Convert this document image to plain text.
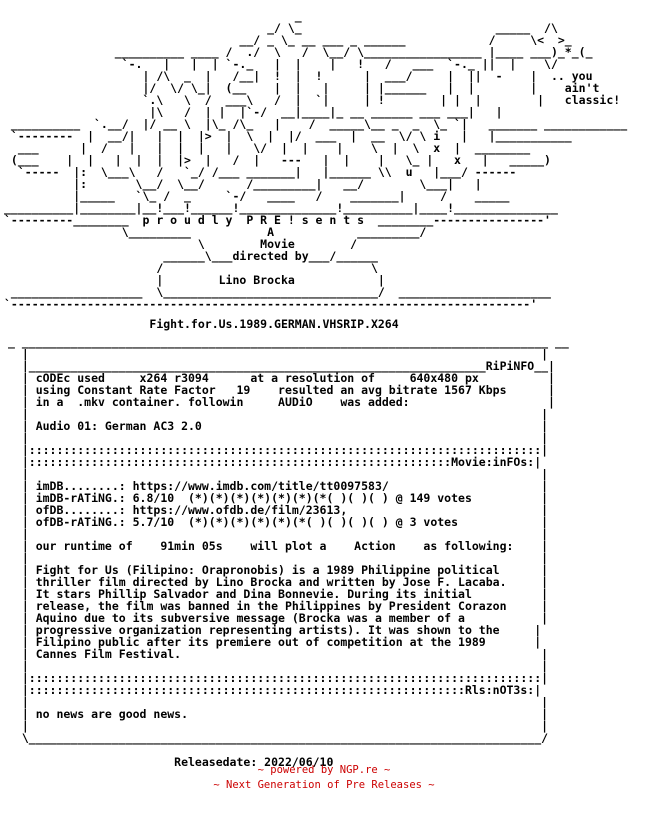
_
_/ \_                            _____  /\
__/ _ \_ __ ___ _ ______            /     \<  >_
__________ ____ /  ./  \   /  \__/ \_________________ |____ ___)_*_(_
`-.   |   |  | `-._   |  |    |   !   /   ___  `-._ ||  |    \/
| /\  _  |   /__|  !  |  !      |  ___/     |  ||  -    |  .. you
|/  \/ \_|  (__    |  |   |     | |______   |  |        |    ain't
`.\   \  /  ___\   /  |  `|     | !        | |  |        |   classic!
|\   /  | |  |`-/  __|____|_ __ ______ ___ ___|   |
__________  `.__/  |/ __ \  |\_ /\_   |    /  _____\__ _  _  \_ `|   _______ ____________
`--------  |  __/|   |  |  |>  |  \  |  |/  ___  |  __  \/ \ i   |   |___________
___      |  /   |   |  |  |   |   \/  |  |    |    \  |  \  x  |  ________
(___    |  |   |  |  |  |>  |   /  |   ---   |  |    |   \_ |   x   |   _____)
`-----  |:  \___\   /   `_/ /___ _______|   |______ \\  u   |___/ ------
|:       \__/  \__/      /_________|   __/        \___|   |
|_____   `\_ /  _     `-/   ____   /    _______|     /    _____
__________|________|__!___!______!______________!__________|____!_______________
`---------________  p r o u d l y  P R E ! s e n t s  ________----------------'
\_________           A            _________/
\        Movie        /
______\___directed by___/______
/                              \
|        Lino Brocka            |
___________________  \_______________________________/  ______________________
`---------------------------------------------------------------------------'
Fight.for.Us.1989.GERMAN.VHSRIP.X264
_ ____________________________________________________________________________ __
|                                                                          |
|__________________________________________________________________RiPiNFO__|
| cODEc used     x264 r3094      at a resolution of     640x480 px          |
| using Constant Rate Factor   19    resulted an avg bitrate 1567 Kbps      |
| in a  .mkv container. followin     AUDiO    was added:                    |
|                                                                          |
| Audio 01: German AC3 2.0                                                 |
|                                                                          |
|::::::::::::::::::::::::::::::::::::::::::::::::::::::::::::::::::::::::::|
|:::::::::::::::::::::::::::::::::::::::::::::::::::::::::::::Movie:inFOs:|
|                                                                          |
| imDB........: https://www.imdb.com/title/tt0097583/                      |
| imDB-rATiNG.: 6.8/10  (*)(*)(*)(*)(*)(*)(*( )( )( ) @ 149 votes          |
| ofDB........: https://www.ofdb.de/film/23613,                            |
| ofDB-rATiNG.: 5.7/10  (*)(*)(*)(*)(*)(*( )( )( )( ) @ 3 votes            |
|                                                                          |
| our runtime of    91min 05s    will plot a    Action    as following:    |
|                                                                          |
| Fight for Us (Filipino: Orapronobis) is a 1989 Philippine political      |
| thriller film directed by Lino Brocka and written by Jose F. Lacaba.     |
| It stars Phillip Salvador and Dina Bonnevie. During its initial          |
| release, the film was banned in the Philippines by President Corazon     |
| Aquino due to its subversive message (Brocka was a member of a           |
| progressive organization representing artists). It was shown to the     |
| Filipino public after its premiere out of competition at the 1989       |
| Cannes Film Festival.                                                    |
|                                                                          |
|::::::::::::::::::::::::::::::::::::::::::::::::::::::::::::::::::::::::::|
|:::::::::::::::::::::::::::::::::::::::::::::::::::::::::::::::Rls:nOT3s:|
|                                                                          |
| no news are good news.                                                   |
|                                                                          |
\__________________________________________________________________________/

Releasedate: 2022/06/10
~ powered by NGP.re ~
~ Next Generation of Pre Releases ~
